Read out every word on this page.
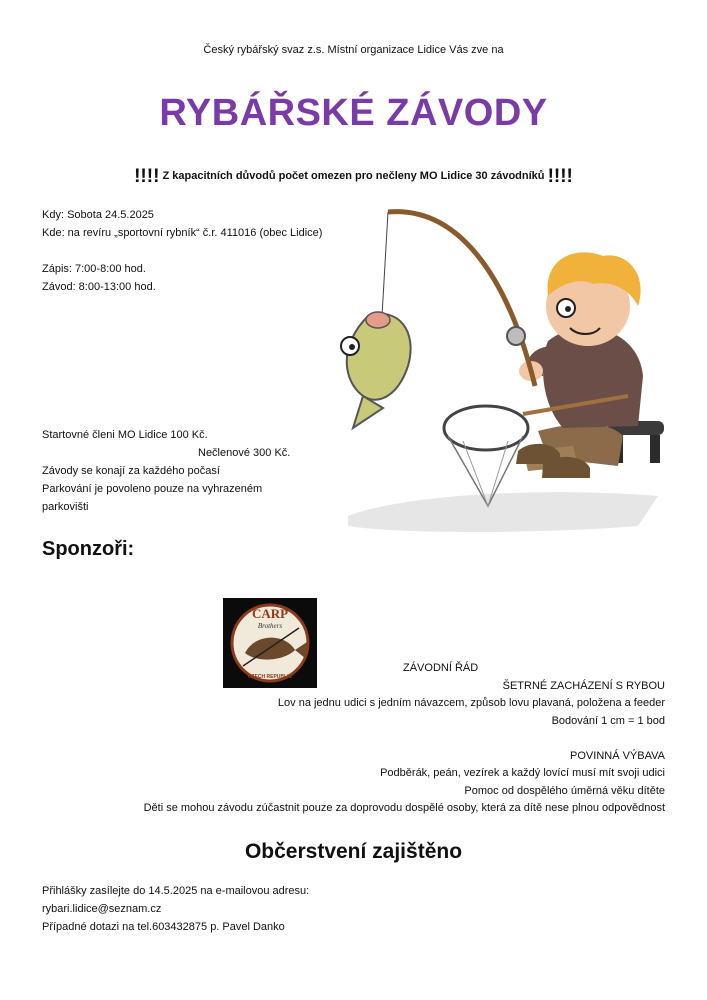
Český rybářský svaz z.s. Místní organizace Lidice Vás zve na
RYBÁŘSKÉ ZÁVODY
!!!! Z kapacitních důvodů počet omezen pro nečleny MO Lidice 30 závodníků !!!!
Kdy: Sobota 24.5.2025
Kde: na revíru „sportovní rybník“ č.r. 411016 (obec Lidice)
Zápis: 7:00-8:00 hod.
Závod: 8:00-13:00 hod.
Startovné členi MO Lidice 100 Kč.
Nečlenové 300 Kč.
Závody se konají za každého počasí
Parkování je povoleno pouze na vyhrazeném
parkovišti
Sponzoři:
CARP
Brothers
CZECH REPUBLIC
ZÁVODNÍ ŘÁD
ŠETRNÉ ZACHÁZENÍ S RYBOU
Lov na jednu udici s jedním návazcem, způsob lovu plavaná, položena a feeder
Bodování 1 cm = 1 bod
POVINNÁ VÝBAVA
Podběrák, peán, vezírek a každý lovící musí mít svoji udici
Pomoc od dospělého úměrná věku dítěte
Děti se mohou závodu zúčastnit pouze za doprovodu dospělé osoby, která za dítě nese plnou odpovědnost
Občerstvení zajištěno
Přihlášky zasílejte do 14.5.2025 na e-mailovou adresu:
rybari.lidice@seznam.cz
Případné dotazi na tel.603432875 p. Pavel Danko
